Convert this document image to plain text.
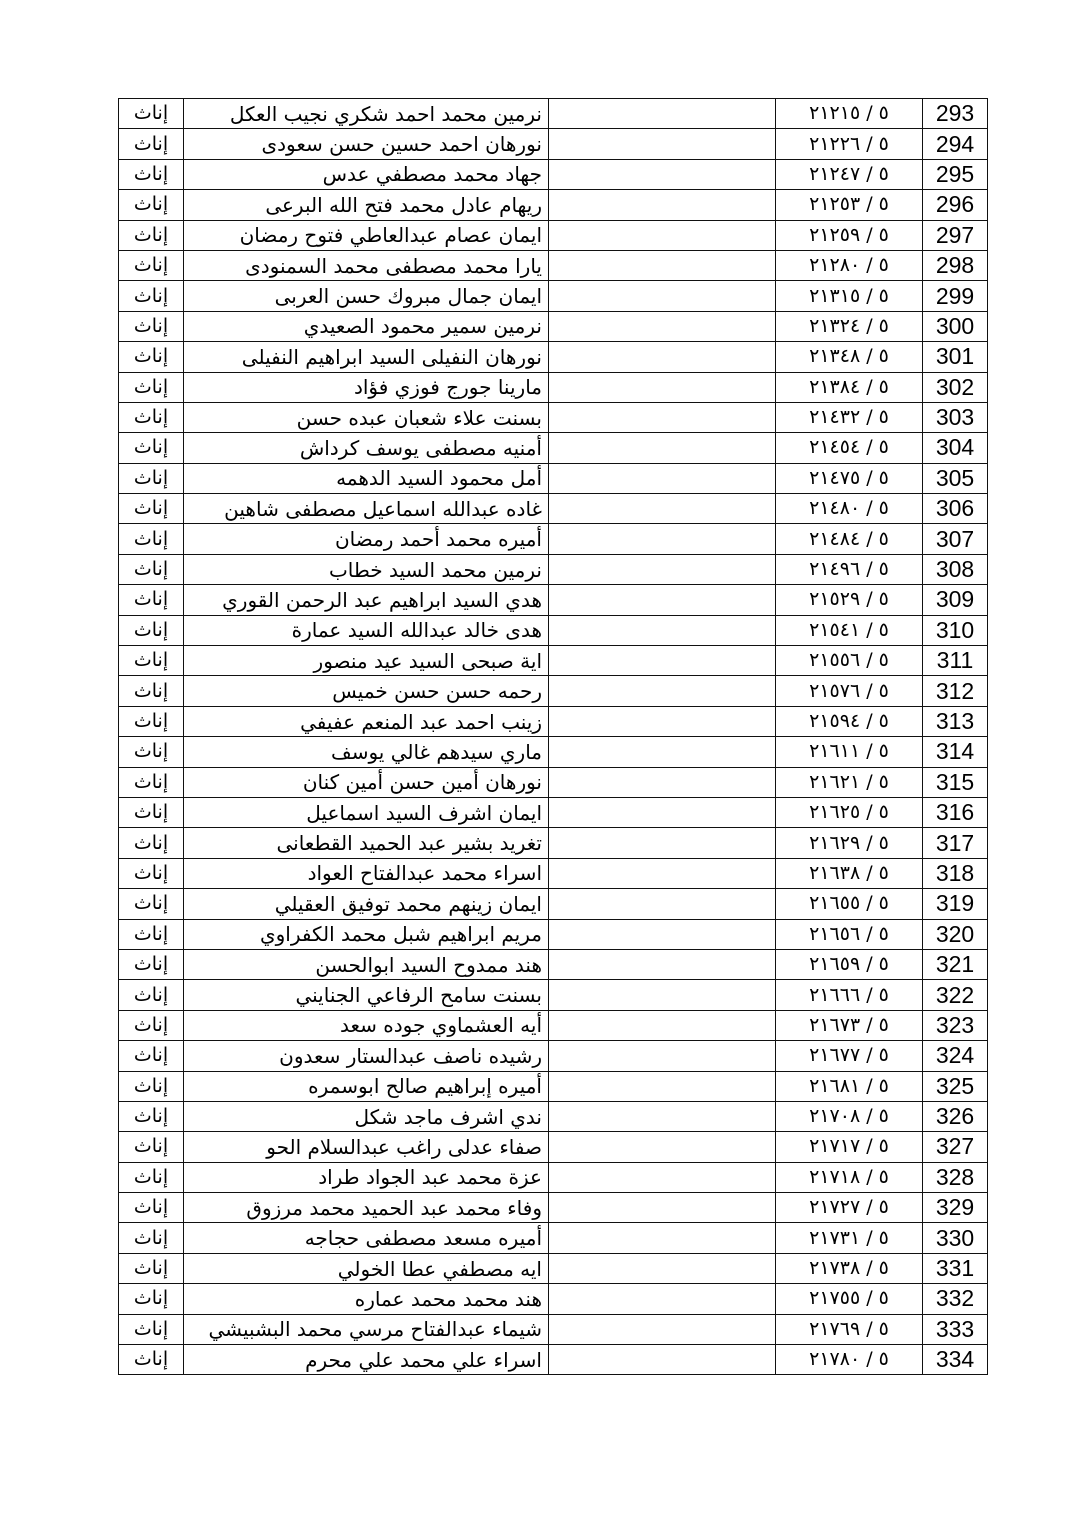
إناث	نرمين محمد احمد شكري نجيب العكل		٥ / ٢١٢١٥	293
إناث	نورهان احمد حسين حسن سعودى		٥ / ٢١٢٢٦	294
إناث	جهاد محمد مصطفي عدس		٥ / ٢١٢٤٧	295
إناث	ريهام عادل محمد فتح الله البرعى		٥ / ٢١٢٥٣	296
إناث	ايمان عصام عبدالعاطي فتوح رمضان		٥ / ٢١٢٥٩	297
إناث	يارا محمد مصطفى محمد السمنودى		٥ / ٢١٢٨٠	298
إناث	ايمان جمال مبروك حسن العربى		٥ / ٢١٣١٥	299
إناث	نرمين سمير محمود الصعيدي		٥ / ٢١٣٢٤	300
إناث	نورهان النفيلى السيد ابراهيم النفيلى		٥ / ٢١٣٤٨	301
إناث	مارينا جورج فوزي فؤاد		٥ / ٢١٣٨٤	302
إناث	بسنت علاء شعبان عبده حسن		٥ / ٢١٤٣٢	303
إناث	أمنيه مصطفى يوسف كرداش		٥ / ٢١٤٥٤	304
إناث	أمل محمود السيد الدهمه		٥ / ٢١٤٧٥	305
إناث	غاده عبدالله اسماعيل مصطفى شاهين		٥ / ٢١٤٨٠	306
إناث	أميره محمد أحمد رمضان		٥ / ٢١٤٨٤	307
إناث	نرمين محمد السيد خطاب		٥ / ٢١٤٩٦	308
إناث	هدي السيد ابراهيم عبد الرحمن القوري		٥ / ٢١٥٢٩	309
إناث	هدى خالد عبدالله السيد عمارة		٥ / ٢١٥٤١	310
إناث	اية صبحى السيد عيد منصور		٥ / ٢١٥٥٦	311
إناث	رحمه حسن حسن خميس		٥ / ٢١٥٧٦	312
إناث	زينب احمد عبد المنعم عفيفي		٥ / ٢١٥٩٤	313
إناث	ماري سيدهم غالي يوسف		٥ / ٢١٦١١	314
إناث	نورهان أمين حسن أمين كنان		٥ / ٢١٦٢١	315
إناث	ايمان اشرف السيد اسماعيل		٥ / ٢١٦٢٥	316
إناث	تغريد بشير عبد الحميد القطعانى		٥ / ٢١٦٢٩	317
إناث	اسراء محمد عبدالفتاح العواد		٥ / ٢١٦٣٨	318
إناث	ايمان زينهم محمد توفيق العقيلي		٥ / ٢١٦٥٥	319
إناث	مريم ابراهيم شبل محمد الكفراوي		٥ / ٢١٦٥٦	320
إناث	هند ممدوح السيد ابوالحسن		٥ / ٢١٦٥٩	321
إناث	بسنت سامح الرفاعي الجنايني		٥ / ٢١٦٦٦	322
إناث	أيه العشماوي جوده سعد		٥ / ٢١٦٧٣	323
إناث	رشيده ناصف عبدالستار سعدون		٥ / ٢١٦٧٧	324
إناث	أميره إبراهيم صالح ابوسمره		٥ / ٢١٦٨١	325
إناث	ندي اشرف ماجد شكل		٥ / ٢١٧٠٨	326
إناث	صفاء عدلى راغب عبدالسلام الحو		٥ / ٢١٧١٧	327
إناث	عزة محمد عبد الجواد طراد		٥ / ٢١٧١٨	328
إناث	وفاء محمد عبد الحميد محمد مرزوق		٥ / ٢١٧٢٧	329
إناث	أميره مسعد مصطفى حجاجه		٥ / ٢١٧٣١	330
إناث	ايه مصطفي عطا الخولي		٥ / ٢١٧٣٨	331
إناث	هند محمد محمد عماره		٥ / ٢١٧٥٥	332
إناث	شيماء عبدالفتاح مرسي محمد البشبيشي		٥ / ٢١٧٦٩	333
إناث	اسراء علي محمد علي محرم		٥ / ٢١٧٨٠	334
